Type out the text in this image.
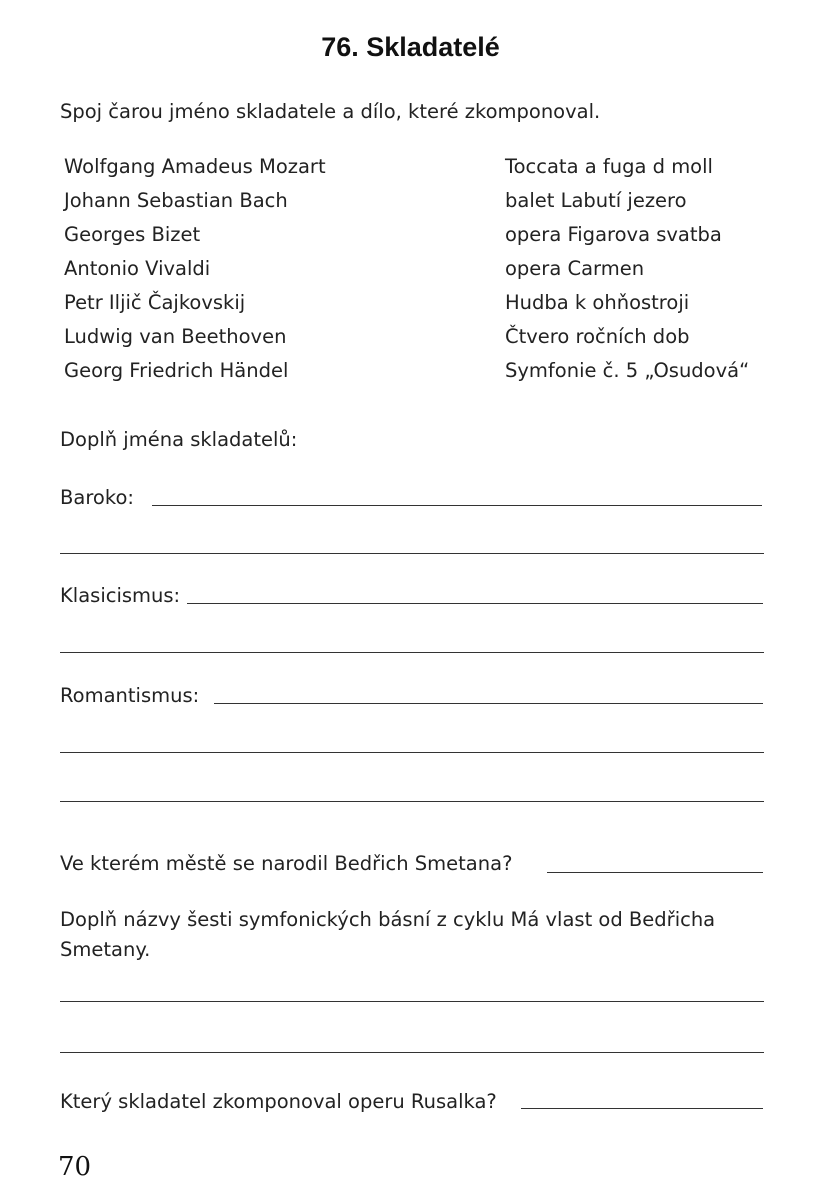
76. Skladatelé
Spoj čarou jméno skladatele a dílo, které zkomponoval.
Wolfgang Amadeus Mozart
Johann Sebastian Bach
Georges Bizet
Antonio Vivaldi
Petr Iljič Čajkovskij
Ludwig van Beethoven
Georg Friedrich Händel
Toccata a fuga d moll
balet Labutí jezero
opera Figarova svatba
opera Carmen
Hudba k ohňostroji
Čtvero ročních dob
Symfonie č. 5 „Osudová“
Doplň jména skladatelů:
Baroko:
Klasicismus:
Romantismus:
Ve kterém městě se narodil Bedřich Smetana?
Doplň názvy šesti symfonických básní z cyklu Má vlast od Bedřicha
Smetany.
Který skladatel zkomponoval operu Rusalka?
70
